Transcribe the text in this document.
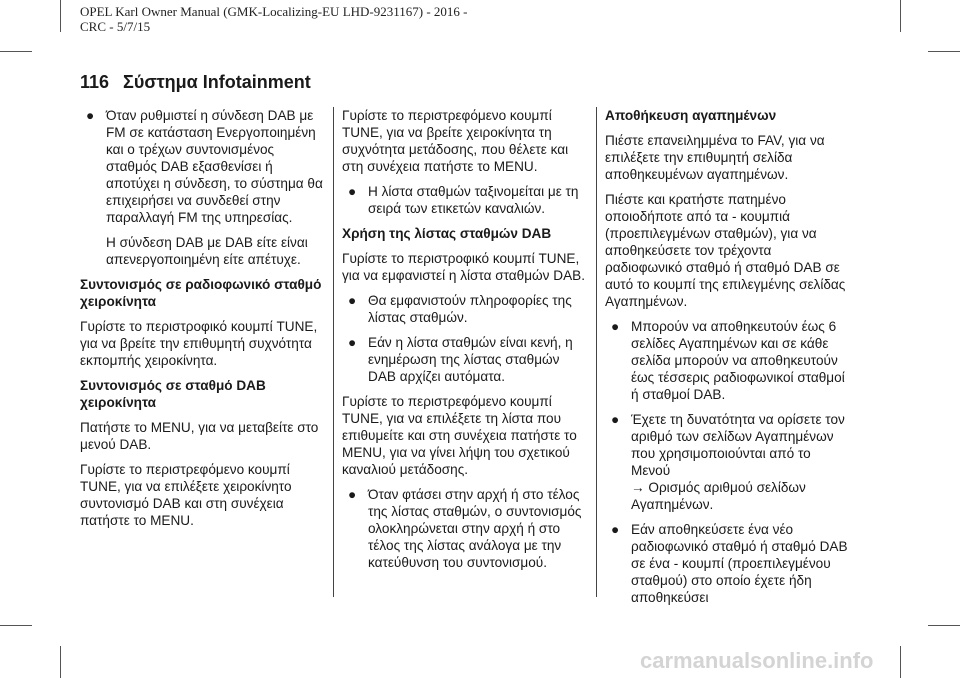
OPEL Karl Owner Manual (GMK-Localizing-EU LHD-9231167) - 2016 -
CRC - 5/7/15
116 Σύστημα Infotainment
● Όταν ρυθμιστεί η σύνδεση DAB με FM σε κατάσταση Ενεργοποιημένη και ο τρέχων συντονισμένος σταθμός DAB εξασθενίσει ή αποτύχει η σύνδεση, το σύστημα θα επιχειρήσει να συνδεθεί στην παραλλαγή FM της υπηρεσίας.

Η σύνδεση DAB με DAB είτε είναι απενεργοποιημένη είτε απέτυχε.

Συντονισμός σε ραδιοφωνικό σταθμό χειροκίνητα

Γυρίστε το περιστροφικό κουμπί TUNE, για να βρείτε την επιθυμητή συχνότητα εκπομπής χειροκίνητα.

Συντονισμός σε σταθμό DAB χειροκίνητα

Πατήστε το MENU, για να μεταβείτε στο μενού DAB.

Γυρίστε το περιστρεφόμενο κουμπί TUNE, για να επιλέξετε χειροκίνητο συντονισμό DAB και στη συνέχεια πατήστε το MENU.

Γυρίστε το περιστρεφόμενο κουμπί TUNE, για να βρείτε χειροκίνητα τη συχνότητα μετάδοσης, που θέλετε και στη συνέχεια πατήστε το MENU.

● Η λίστα σταθμών ταξινομείται με τη σειρά των ετικετών καναλιών.
Χρήση της λίστας σταθμών DAB

Γυρίστε το περιστροφικό κουμπί TUNE, για να εμφανιστεί η λίστα σταθμών DAB.

● Θα εμφανιστούν πληροφορίες της λίστας σταθμών.
● Εάν η λίστα σταθμών είναι κενή, η ενημέρωση της λίστας σταθμών DAB αρχίζει αυτόματα.

Γυρίστε το περιστρεφόμενο κουμπί TUNE, για να επιλέξετε τη λίστα που επιθυμείτε και στη συνέχεια πατήστε το MENU, για να γίνει λήψη του σχετικού καναλιού μετάδοσης.

● Όταν φτάσει στην αρχή ή στο τέλος της λίστας σταθμών, ο συντονισμός ολοκληρώνεται στην αρχή ή στο τέλος της λίστας ανάλογα με την κατεύθυνση του συντονισμού.
Αποθήκευση αγαπημένων

Πιέστε επανειλημμένα το FAV, για να επιλέξετε την επιθυμητή σελίδα αποθηκευμένων αγαπημένων.

Πιέστε και κρατήστε πατημένο οποιοδήποτε από τα - κουμπιά (προεπιλεγμένων σταθμών), για να αποθηκεύσετε τον τρέχοντα ραδιοφωνικό σταθμό ή σταθμό DAB σε αυτό το κουμπί της επιλεγμένης σελίδας Αγαπημένων.

● Μπορούν να αποθηκευτούν έως 6 σελίδες Αγαπημένων και σε κάθε σελίδα μπορούν να αποθηκευτούν έως τέσσερις ραδιοφωνικοί σταθμοί ή σταθμοί DAB.
● Έχετε τη δυνατότητα να ορίσετε τον αριθμό των σελίδων Αγαπημένων που χρησιμοποιούνται από το Μενού
→ Ορισμός αριθμού σελίδων Αγαπημένων.
● Εάν αποθηκεύσετε ένα νέο ραδιοφωνικό σταθμό ή σταθμό DAB σε ένα - κουμπί (προεπιλεγμένου σταθμού) στο οποίο έχετε ήδη αποθηκεύσει
carmanualsonline.info
